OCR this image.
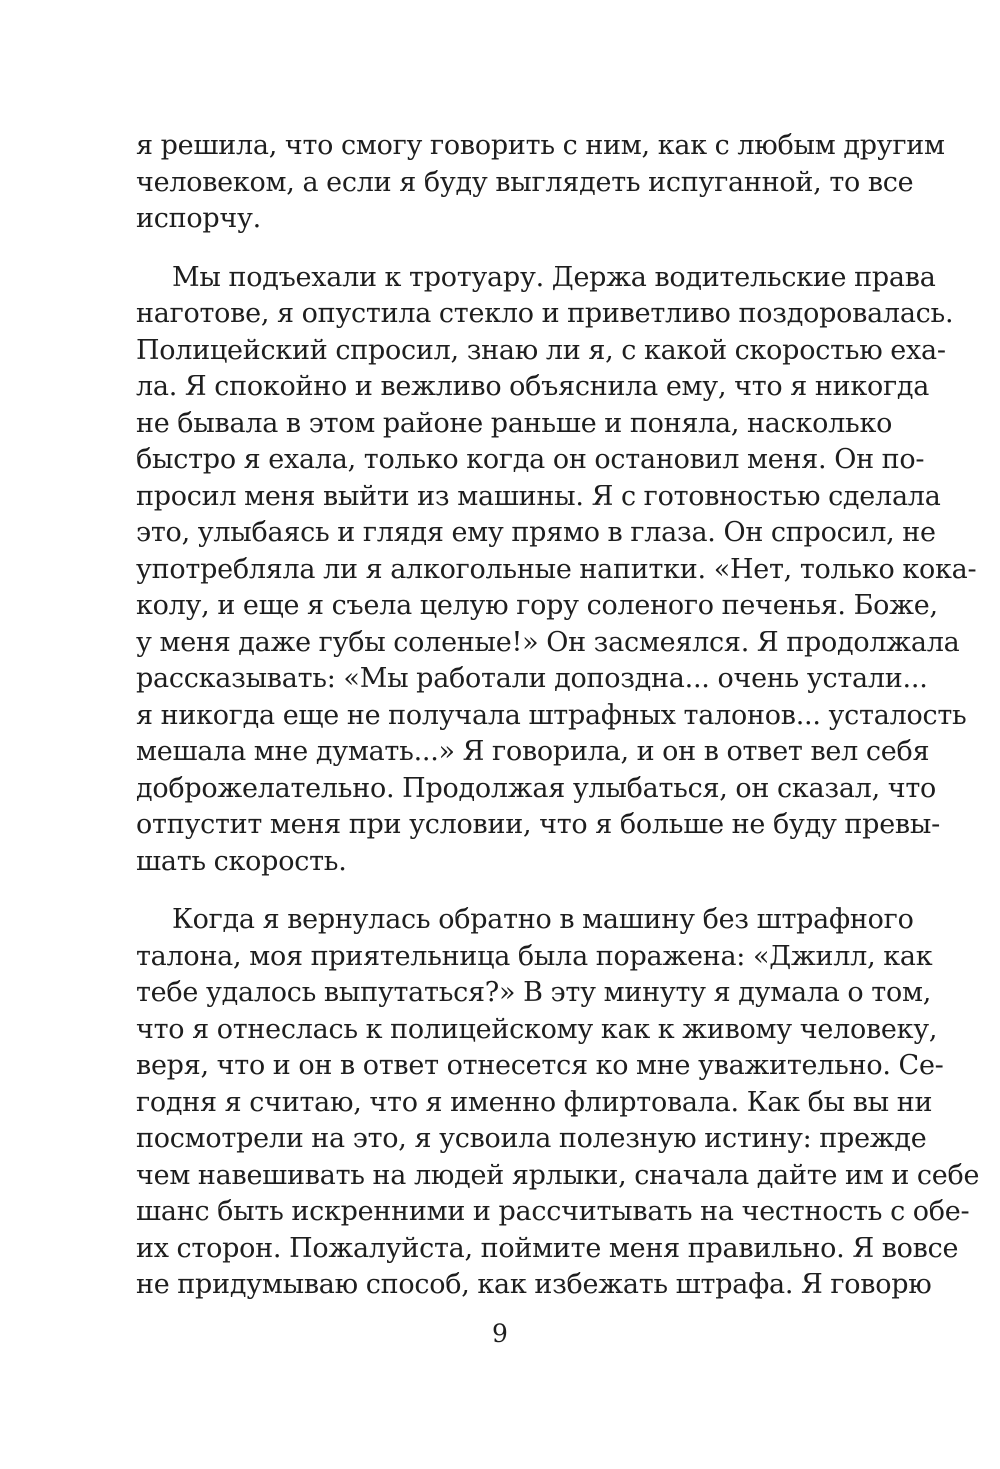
я решила, что смогу говорить с ним, как с любым другим
человеком, а если я буду выглядеть испуганной, то все
испорчу.
Мы подъехали к тротуару. Держа водительские права
наготове, я опустила стекло и приветливо поздоровалась.
Полицейский спросил, знаю ли я, с какой скоростью еха-
ла. Я спокойно и вежливо объяснила ему, что я никогда
не бывала в этом районе раньше и поняла, насколько
быстро я ехала, только когда он остановил меня. Он по-
просил меня выйти из машины. Я с готовностью сделала
это, улыбаясь и глядя ему прямо в глаза. Он спросил, не
употребляла ли я алкогольные напитки. «Нет, только кока-
колу, и еще я съела целую гору соленого печенья. Боже,
у меня даже губы соленые!» Он засмеялся. Я продолжала
рассказывать: «Мы работали допоздна... очень устали...
я никогда еще не получала штрафных талонов... усталость
мешала мне думать...» Я говорила, и он в ответ вел себя
доброжелательно. Продолжая улыбаться, он сказал, что
отпустит меня при условии, что я больше не буду превы-
шать скорость.
Когда я вернулась обратно в машину без штрафного
талона, моя приятельница была поражена: «Джилл, как
тебе удалось выпутаться?» В эту минуту я думала о том,
что я отнеслась к полицейскому как к живому человеку,
веря, что и он в ответ отнесется ко мне уважительно. Се-
годня я считаю, что я именно флиртовала. Как бы вы ни
посмотрели на это, я усвоила полезную истину: прежде
чем навешивать на людей ярлыки, сначала дайте им и себе
шанс быть искренними и рассчитывать на честность с обе-
их сторон. Пожалуйста, поймите меня правильно. Я вовсе
не придумываю способ, как избежать штрафа. Я говорю
9
